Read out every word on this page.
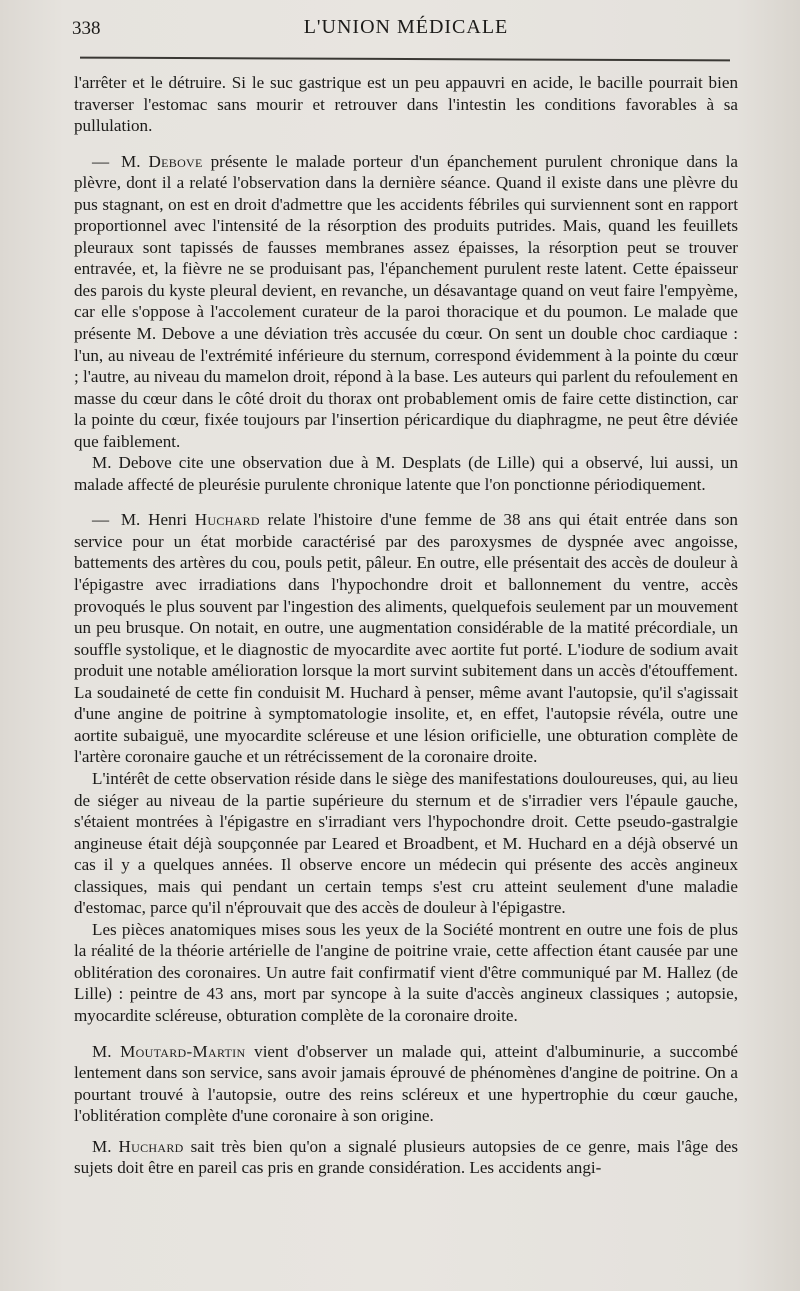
338	L'UNION MÉDICALE

l'arrêter et le détruire. Si le suc gastrique est un peu appauvri en acide, le bacille pourrait bien traverser l'estomac sans mourir et retrouver dans l'intestin les conditions favorables à sa pullulation.

— M. Debove présente le malade porteur d'un épanchement purulent chronique dans la plèvre, dont il a relaté l'observation dans la dernière séance. Quand il existe dans une plèvre du pus stagnant, on est en droit d'admettre que les accidents fébriles qui surviennent sont en rapport proportionnel avec l'intensité de la résorption des produits putrides. Mais, quand les feuillets pleuraux sont tapissés de fausses membranes assez épaisses, la résorption peut se trouver entravée, et, la fièvre ne se produisant pas, l'épanchement purulent reste latent. Cette épaisseur des parois du kyste pleural devient, en revanche, un désavantage quand on veut faire l'empyème, car elle s'oppose à l'accolement curateur de la paroi thoracique et du poumon. Le malade que présente M. Debove a une déviation très accusée du cœur. On sent un double choc cardiaque : l'un, au niveau de l'extrémité inférieure du sternum, correspond évidemment à la pointe du cœur ; l'autre, au niveau du mamelon droit, répond à la base. Les auteurs qui parlent du refoulement en masse du cœur dans le côté droit du thorax ont probablement omis de faire cette distinction, car la pointe du cœur, fixée toujours par l'insertion péricardique du diaphragme, ne peut être déviée que faiblement.

M. Debove cite une observation due à M. Desplats (de Lille) qui a observé, lui aussi, un malade affecté de pleurésie purulente chronique latente que l'on ponctionne périodiquement.

— M. Henri Huchard relate l'histoire d'une femme de 38 ans qui était entrée dans son service pour un état morbide caractérisé par des paroxysmes de dyspnée avec angoisse, battements des artères du cou, pouls petit, pâleur. En outre, elle présentait des accès de douleur à l'épigastre avec irradiations dans l'hypochondre droit et ballonnement du ventre, accès provoqués le plus souvent par l'ingestion des aliments, quelquefois seulement par un mouvement un peu brusque. On notait, en outre, une augmentation considérable de la matité précordiale, un souffle systolique, et le diagnostic de myocardite avec aortite fut porté. L'iodure de sodium avait produit une notable amélioration lorsque la mort survint subitement dans un accès d'étouffement. La soudaineté de cette fin conduisit M. Huchard à penser, même avant l'autopsie, qu'il s'agissait d'une angine de poitrine à symptomatologie insolite, et, en effet, l'autopsie révéla, outre une aortite subaiguë, une myocardite scléreuse et une lésion orificielle, une obturation complète de l'artère coronaire gauche et un rétrécissement de la coronaire droite.

L'intérêt de cette observation réside dans le siège des manifestations douloureuses, qui, au lieu de siéger au niveau de la partie supérieure du sternum et de s'irradier vers l'épaule gauche, s'étaient montrées à l'épigastre en s'irradiant vers l'hypochondre droit. Cette pseudo-gastralgie angineuse était déjà soupçonnée par Leared et Broadbent, et M. Huchard en a déjà observé un cas il y a quelques années. Il observe encore un médecin qui présente des accès angineux classiques, mais qui pendant un certain temps s'est cru atteint seulement d'une maladie d'estomac, parce qu'il n'éprouvait que des accès de douleur à l'épigastre.

Les pièces anatomiques mises sous les yeux de la Société montrent en outre une fois de plus la réalité de la théorie artérielle de l'angine de poitrine vraie, cette affection étant causée par une oblitération des coronaires. Un autre fait confirmatif vient d'être communiqué par M. Hallez (de Lille) : peintre de 43 ans, mort par syncope à la suite d'accès angineux classiques ; autopsie, myocardite scléreuse, obturation complète de la coronaire droite.

M. Moutard-Martin vient d'observer un malade qui, atteint d'albuminurie, a succombé lentement dans son service, sans avoir jamais éprouvé de phénomènes d'angine de poitrine. On a pourtant trouvé à l'autopsie, outre des reins scléreux et une hypertrophie du cœur gauche, l'oblitération complète d'une coronaire à son origine.

M. Huchard sait très bien qu'on a signalé plusieurs autopsies de ce genre, mais l'âge des sujets doit être en pareil cas pris en grande considération. Les accidents angi-
